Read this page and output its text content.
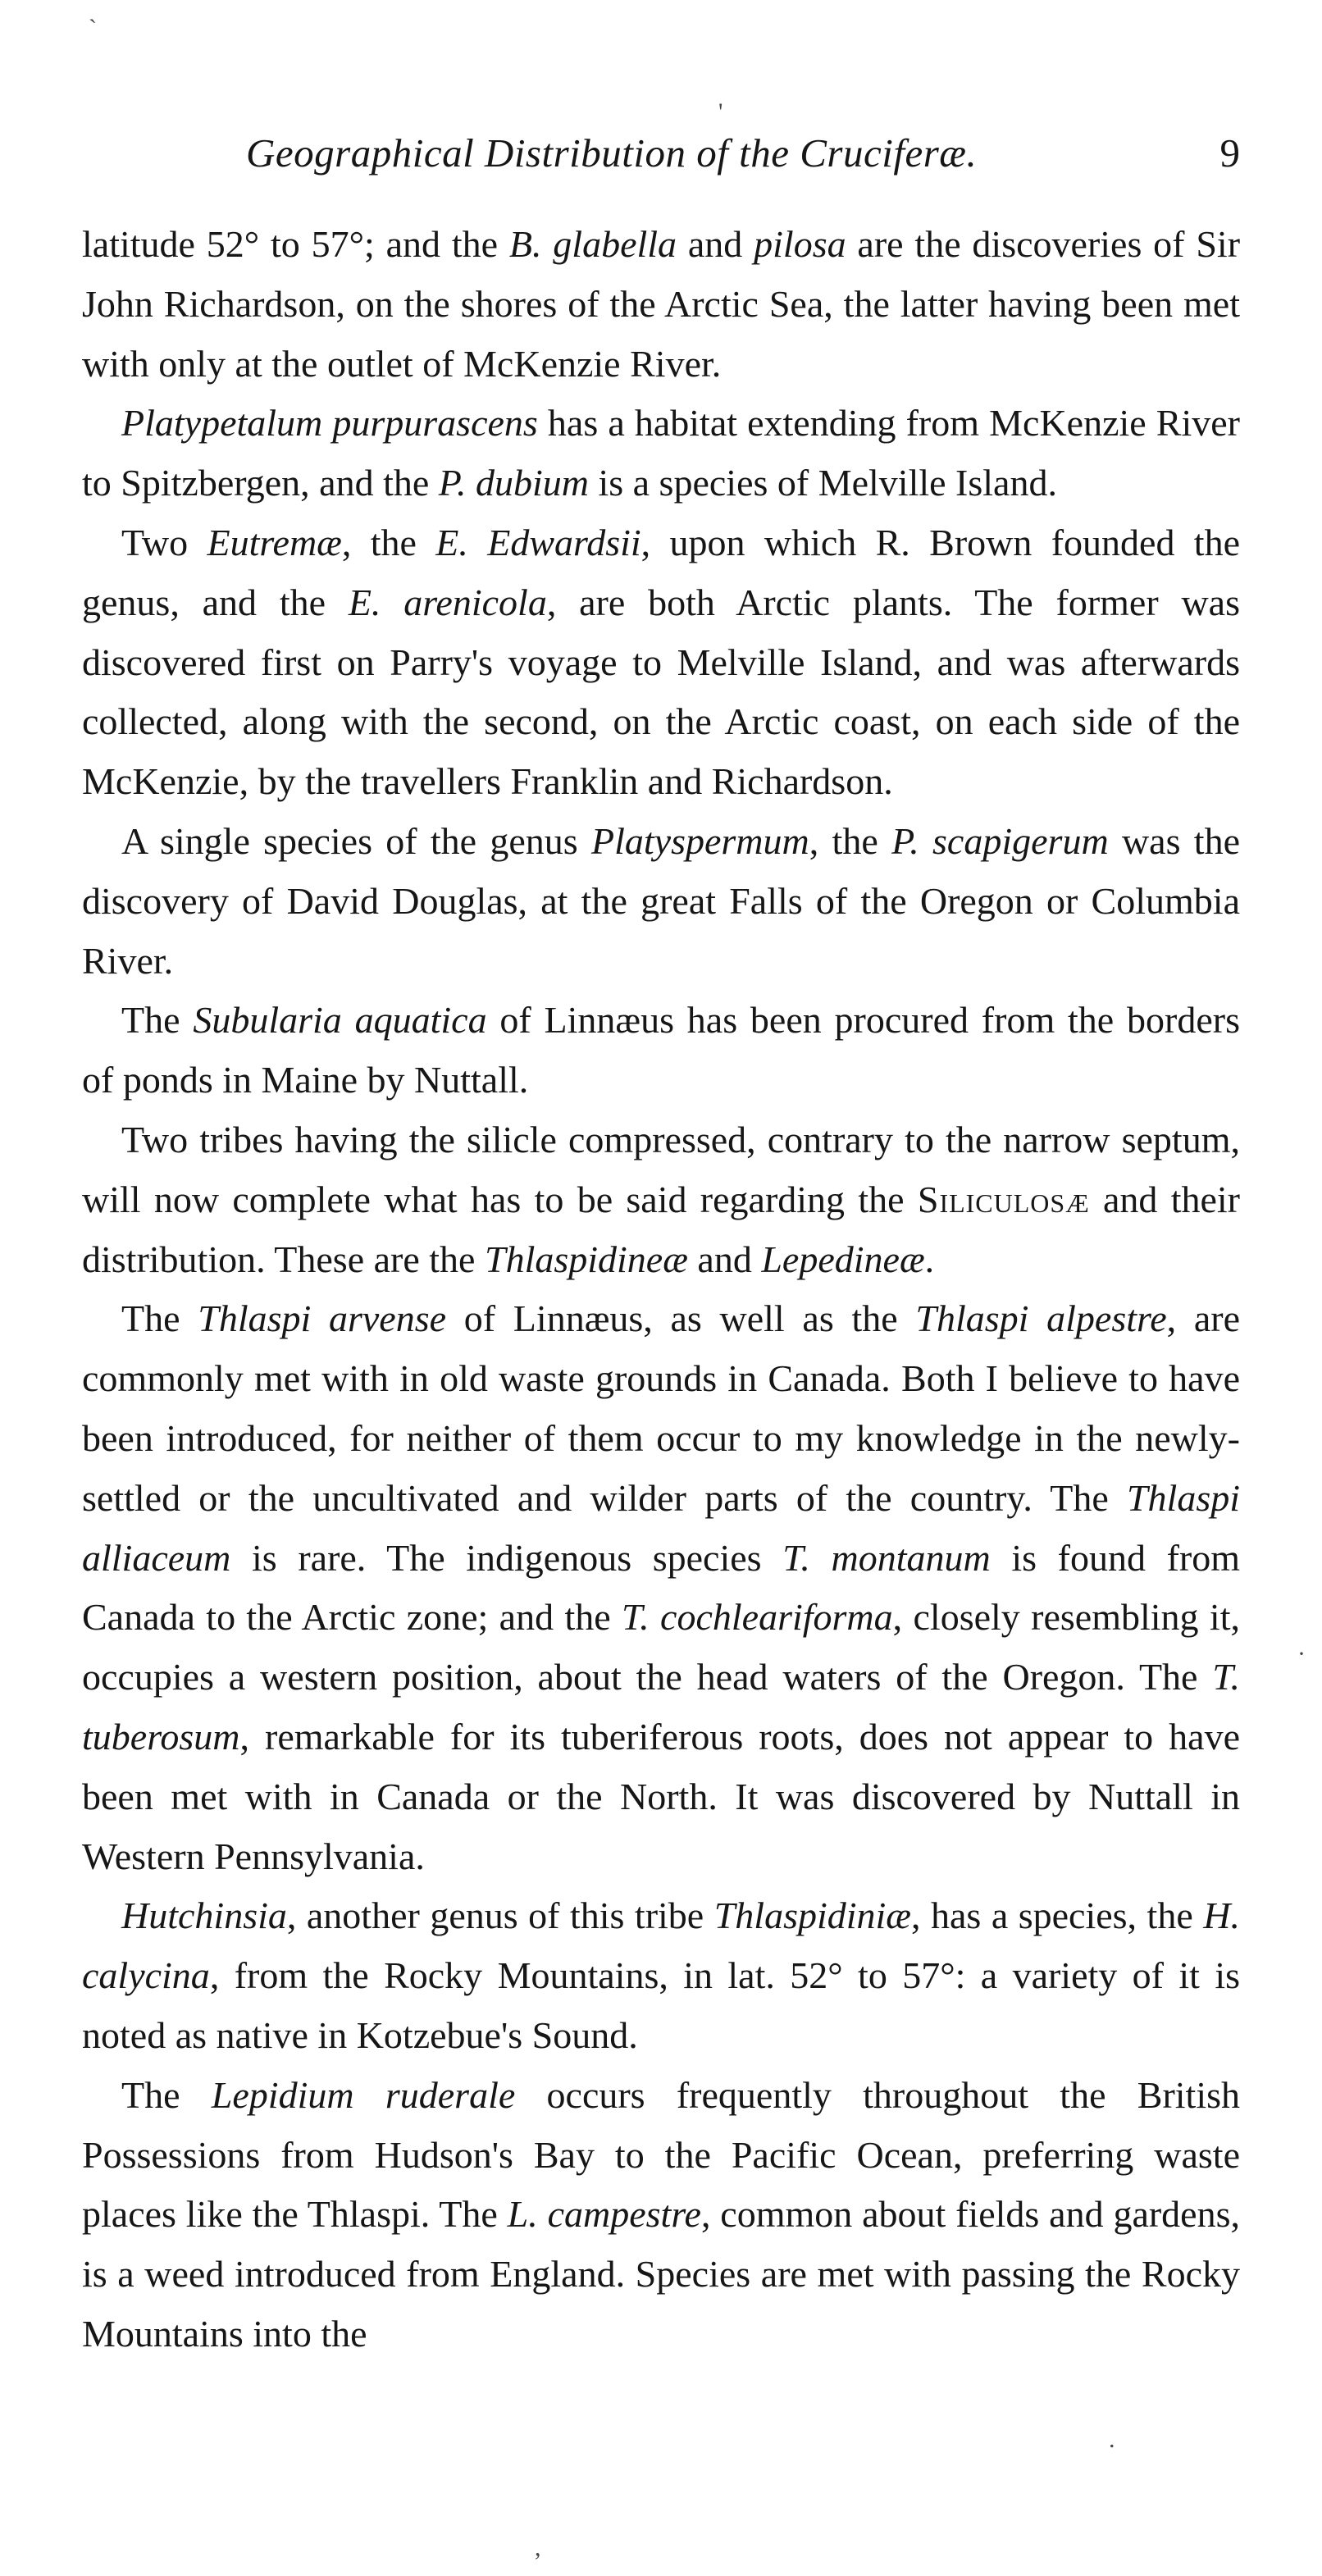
Geographical Distribution of the Cruciferæ.	9

latitude 52° to 57°; and the B. glabella and pilosa are the discoveries of Sir John Richardson, on the shores of the Arctic Sea, the latter having been met with only at the outlet of McKenzie River.

Platypetalum purpurascens has a habitat extending from McKenzie River to Spitzbergen, and the P. dubium is a species of Melville Island.

Two Eutremæ, the E. Edwardsii, upon which R. Brown founded the genus, and the E. arenicola, are both Arctic plants. The former was discovered first on Parry's voyage to Melville Island, and was afterwards collected, along with the second, on the Arctic coast, on each side of the McKenzie, by the travellers Franklin and Richardson.

A single species of the genus Platyspermum, the P. scapigerum was the discovery of David Douglas, at the great Falls of the Oregon or Columbia River.

The Subularia aquatica of Linnæus has been procured from the borders of ponds in Maine by Nuttall.

Two tribes having the silicle compressed, contrary to the narrow septum, will now complete what has to be said regarding the Siliculosæ and their distribution. These are the Thlaspidineæ and Lepedineæ.

The Thlaspi arvense of Linnæus, as well as the Thlaspi alpestre, are commonly met with in old waste grounds in Canada. Both I believe to have been introduced, for neither of them occur to my knowledge in the newly-settled or the uncultivated and wilder parts of the country. The Thlaspi alliaceum is rare. The indigenous species T. montanum is found from Canada to the Arctic zone; and the T. cochleariforma, closely resembling it, occupies a western position, about the head waters of the Oregon. The T. tuberosum, remarkable for its tuberiferous roots, does not appear to have been met with in Canada or the North. It was discovered by Nuttall in Western Pennsylvania.

Hutchinsia, another genus of this tribe Thlaspidiniæ, has a species, the H. calycina, from the Rocky Mountains, in lat. 52° to 57°: a variety of it is noted as native in Kotzebue's Sound.

The Lepidium ruderale occurs frequently throughout the British Possessions from Hudson's Bay to the Pacific Ocean, preferring waste places like the Thlaspi. The L. campestre, common about fields and gardens, is a weed introduced from England. Species are met with passing the Rocky Mountains into the

`
'
·
.
,
